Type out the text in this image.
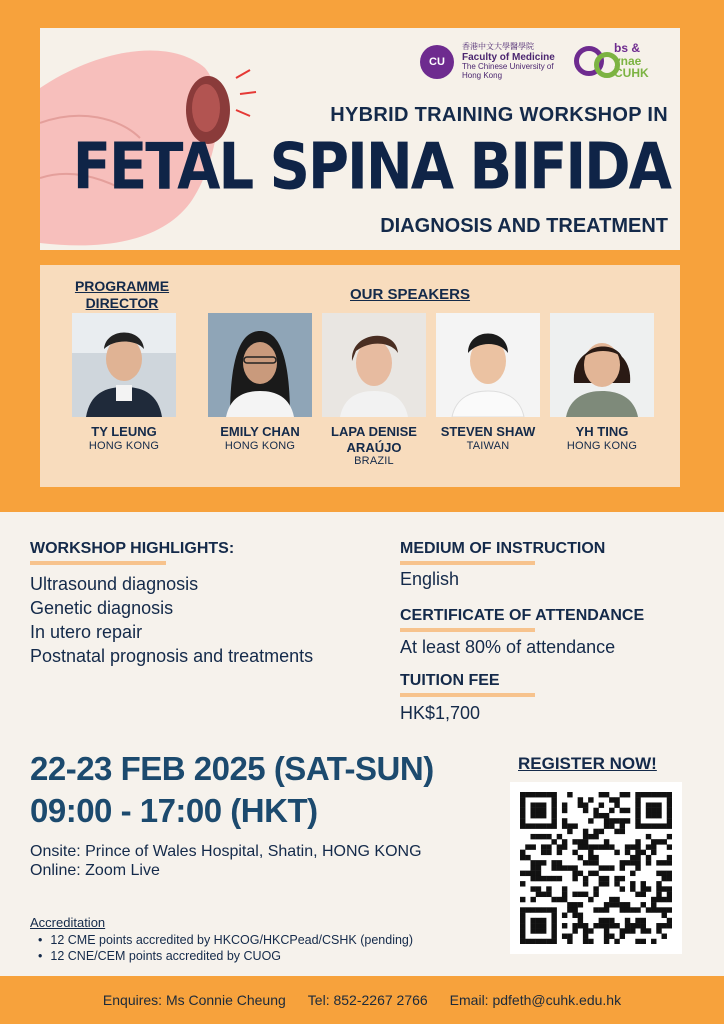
CU
香港中文大學醫學院
Faculty of Medicine
The Chinese University of Hong Kong
bs &
ynae
CUHK
HYBRID TRAINING WORKSHOP IN
FETAL SPINA BIFIDA
DIAGNOSIS AND TREATMENT
PROGRAMME DIRECTOR	OUR SPEAKERS
TY LEUNG
HONG KONG
EMILY CHAN
HONG KONG
LAPA DENISE ARAÚJO
BRAZIL
STEVEN SHAW
TAIWAN
YH TING
HONG KONG
WORKSHOP HIGHLIGHTS:
Ultrasound diagnosis
Genetic diagnosis
In utero repair
Postnatal prognosis and treatments
MEDIUM OF INSTRUCTION
English
CERTIFICATE OF ATTENDANCE
At least 80% of attendance
TUITION FEE
HK$1,700
22-23 FEB 2025 (SAT-SUN)
09:00 - 17:00 (HKT)
Onsite: Prince of Wales Hospital, Shatin, HONG KONG
Online: Zoom Live
REGISTER NOW!
Accreditation
• 12 CME points accredited by HKCOG/HKCPead/CSHK (pending)
• 12 CNE/CEM points accredited by CUOG
Enquires: Ms Connie Cheung Tel: 852-2267 2766 Email: pdfeth@cuhk.edu.hk
